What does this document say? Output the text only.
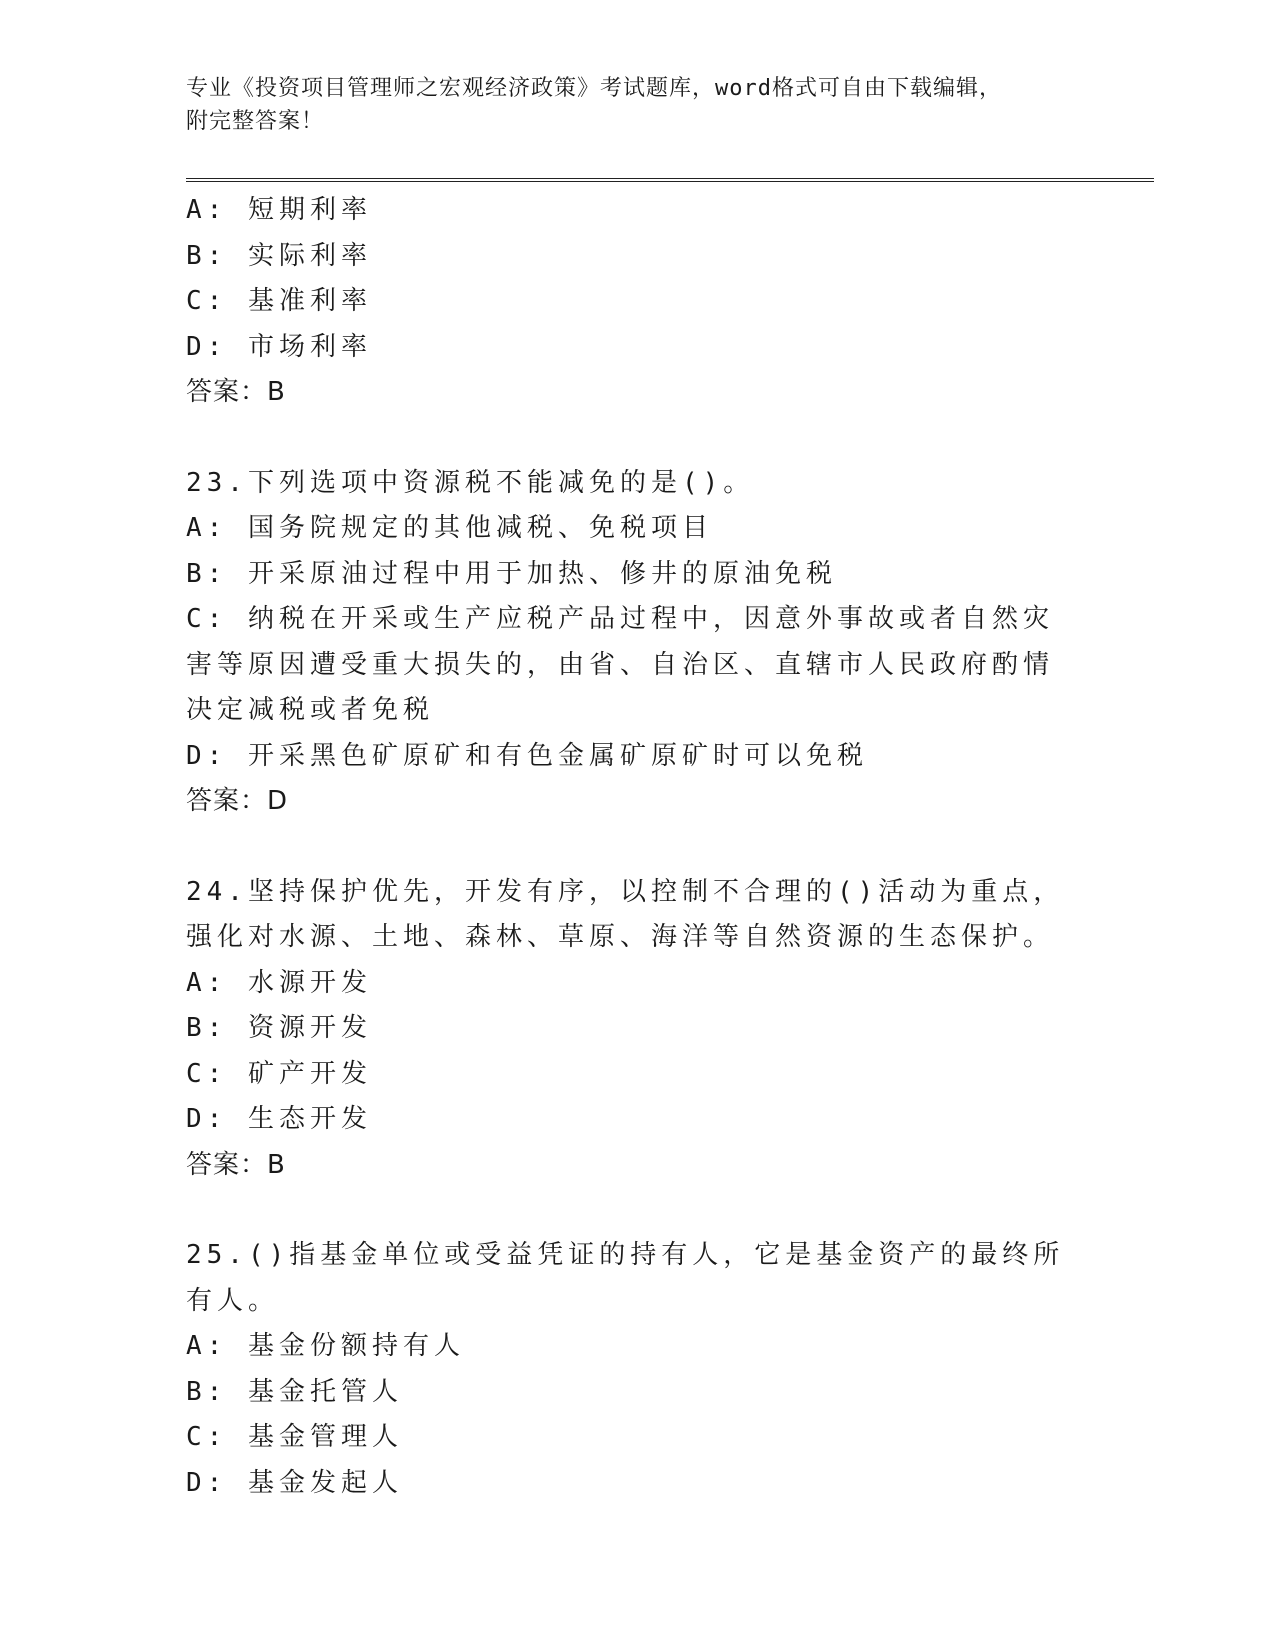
专业《投资项目管理师之宏观经济政策》考试题库，word格式可自由下载编辑，
附完整答案！

A: 短期利率

B: 实际利率

C: 基准利率

D: 市场利率

答案：B

23.下列选项中资源税不能减免的是()。

A: 国务院规定的其他减税、免税项目

B: 开采原油过程中用于加热、修井的原油免税

C: 纳税在开采或生产应税产品过程中，因意外事故或者自然灾害等原因遭受重大损失的，由省、自治区、直辖市人民政府酌情决定减税或者免税

D: 开采黑色矿原矿和有色金属矿原矿时可以免税

答案：D

24.坚持保护优先，开发有序，以控制不合理的()活动为重点，强化对水源、土地、森林、草原、海洋等自然资源的生态保护。

A: 水源开发

B: 资源开发

C: 矿产开发

D: 生态开发

答案：B

25.()指基金单位或受益凭证的持有人，它是基金资产的最终所有人。

A: 基金份额持有人

B: 基金托管人

C: 基金管理人

D: 基金发起人
